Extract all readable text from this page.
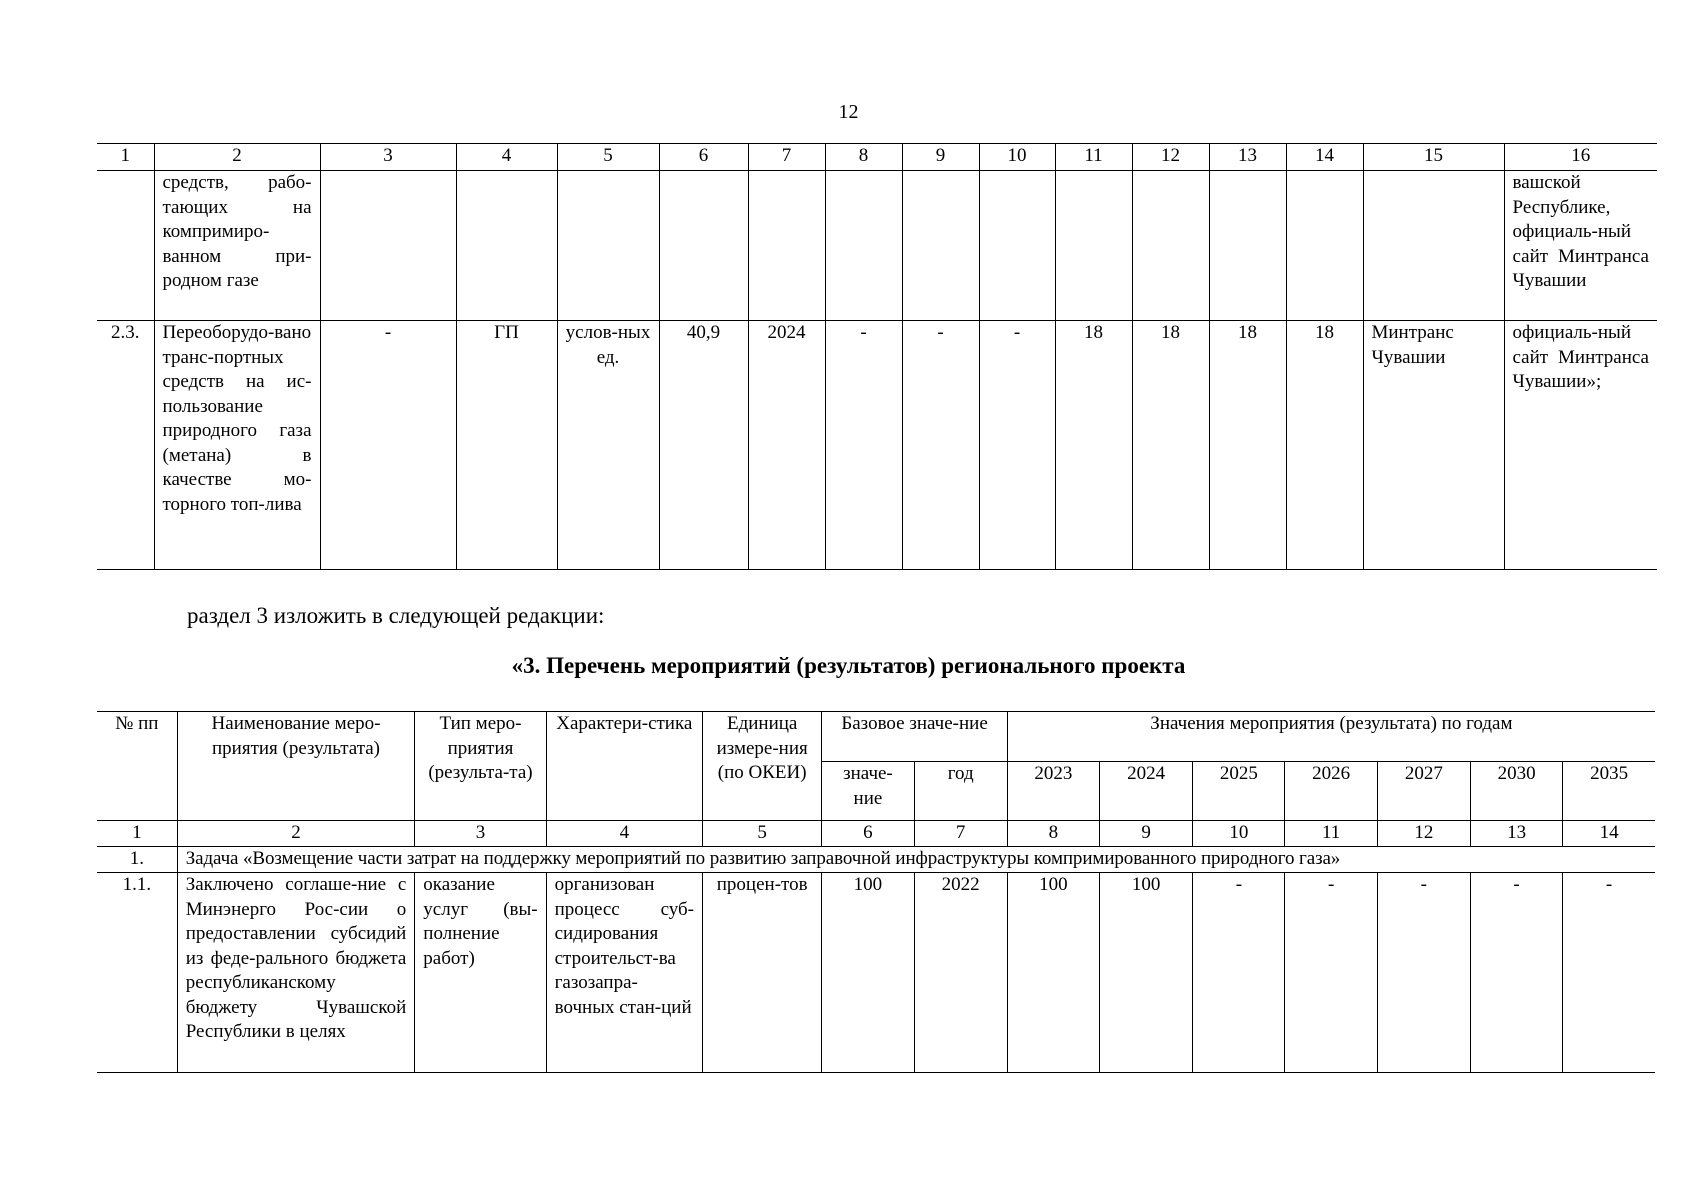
12
1	2	3	4	5	6	7	8	9	10	11	12	13	14	15	16
	средств, рабо-тающих на компримиро-ванном при-родном газе														вашской Республике, официаль-ный сайт Минтранса Чувашии
2.3.	Переоборудо-вано транс-портных средств на ис-пользование природного газа (метана) в качестве мо-торного топ-лива	-	ГП	услов-ных ед.	40,9	2024	-	-	-	18	18	18	18	Минтранс Чувашии	официаль-ный сайт Минтранса Чувашии»;
раздел 3 изложить в следующей редакции:
«3. Перечень мероприятий (результатов) регионального проекта
№ пп	Наименование меро-приятия (результата)	Тип меро-приятия (результа-та)	Характери-стика	Единица измере-ния (по ОКЕИ)	Базовое значе-ние		Значения мероприятия (результата) по годам						
					значе-ние	год	2023	2024	2025	2026	2027	2030	2035
1	2	3	4	5	6	7	8	9	10	11	12	13	14
1.	Задача «Возмещение части затрат на поддержку мероприятий по развитию заправочной инфраструктуры компримированного природного газа»												
1.1.	Заключено соглаше-ние с Минэнерго Рос-сии о предоставлении субсидий из феде-рального бюджета республиканскому бюджету Чувашской Республики в целях	оказание услуг (вы-полнение работ)	организован процесс суб-сидирования строительст-ва газозапра-вочных стан-ций	процен-тов	100	2022	100	100	-	-	-	-	-
